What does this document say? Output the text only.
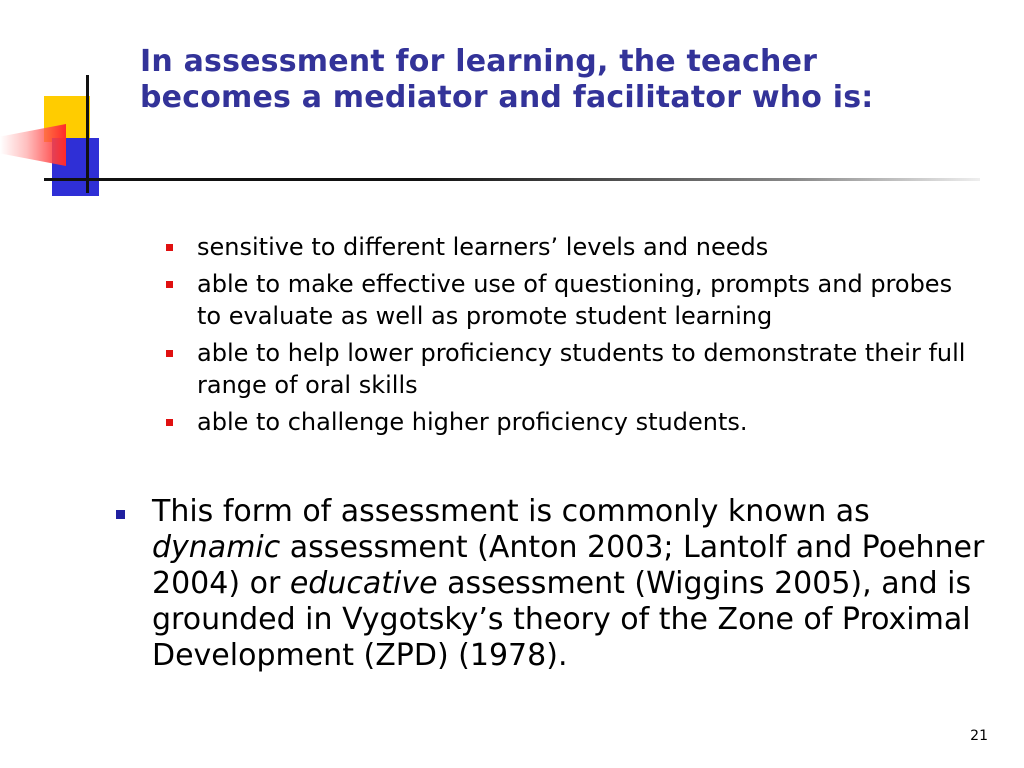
In assessment for learning, the teacher becomes a mediator and facilitator who is:
sensitive to different learners’ levels and needs
able to make effective use of questioning, prompts and probes to evaluate as well as promote student learning
able to help lower proficiency students to demonstrate their full range of oral skills
able to challenge higher proficiency students.
This form of assessment is commonly known as dynamic assessment (Anton 2003; Lantolf and Poehner 2004) or educative assessment (Wiggins 2005), and is grounded in Vygotsky’s theory of the Zone of Proximal Development (ZPD) (1978).
21
